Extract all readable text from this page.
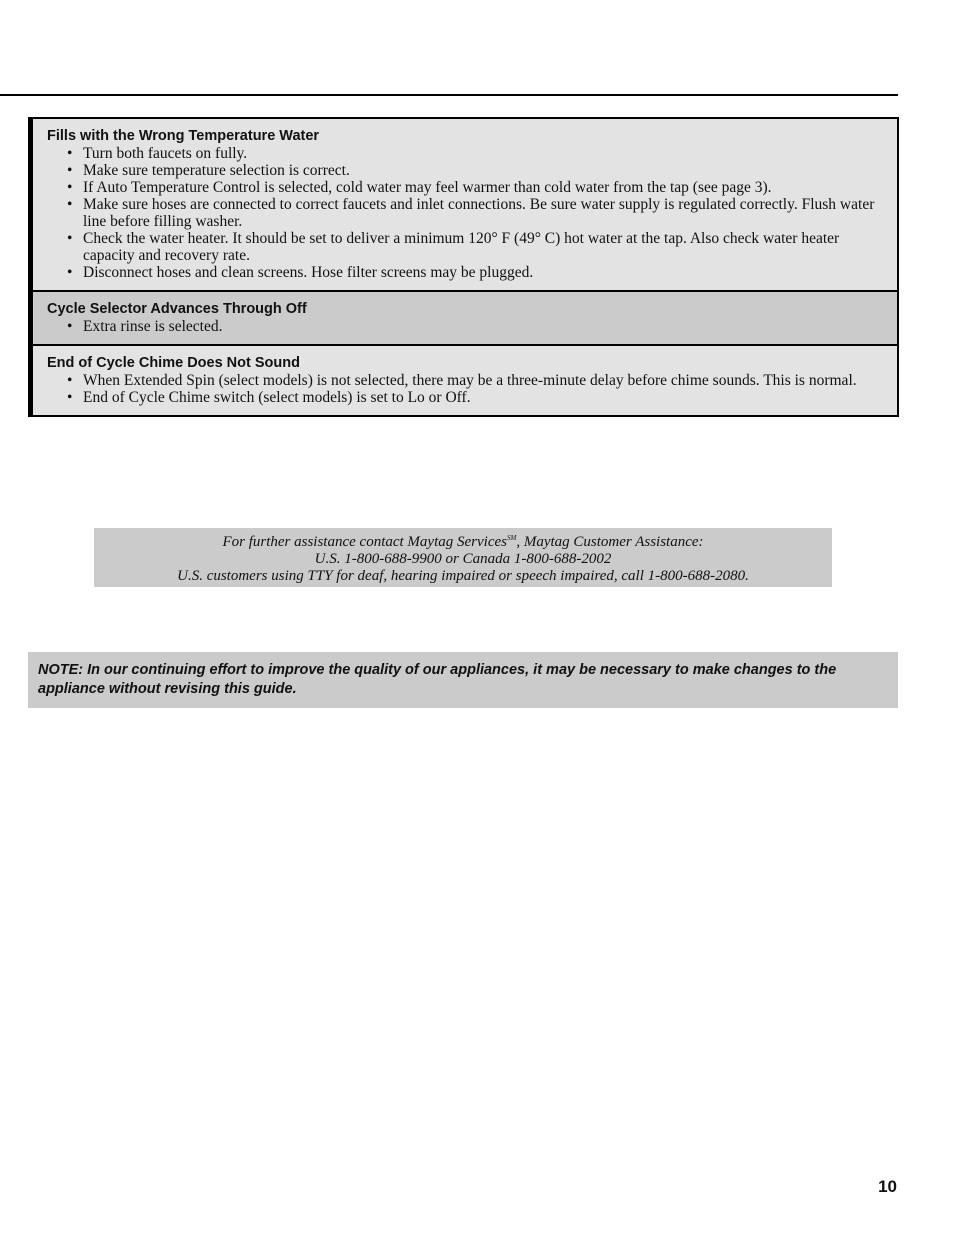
Fills with the Wrong Temperature Water
• Turn both faucets on fully.
• Make sure temperature selection is correct.
• If Auto Temperature Control is selected, cold water may feel warmer than cold water from the tap (see page 3).
• Make sure hoses are connected to correct faucets and inlet connections. Be sure water supply is regulated correctly. Flush water line before filling washer.
• Check the water heater. It should be set to deliver a minimum 120° F (49° C) hot water at the tap. Also check water heater capacity and recovery rate.
• Disconnect hoses and clean screens. Hose filter screens may be plugged.
Cycle Selector Advances Through Off
• Extra rinse is selected.
End of Cycle Chime Does Not Sound
• When Extended Spin (select models) is not selected, there may be a three-minute delay before chime sounds. This is normal.
• End of Cycle Chime switch (select models) is set to Lo or Off.
For further assistance contact Maytag Services℠, Maytag Customer Assistance:
U.S. 1-800-688-9900 or Canada 1-800-688-2002
U.S. customers using TTY for deaf, hearing impaired or speech impaired, call 1-800-688-2080.
NOTE: In our continuing effort to improve the quality of our appliances, it may be necessary to make changes to the appliance without revising this guide.
10
